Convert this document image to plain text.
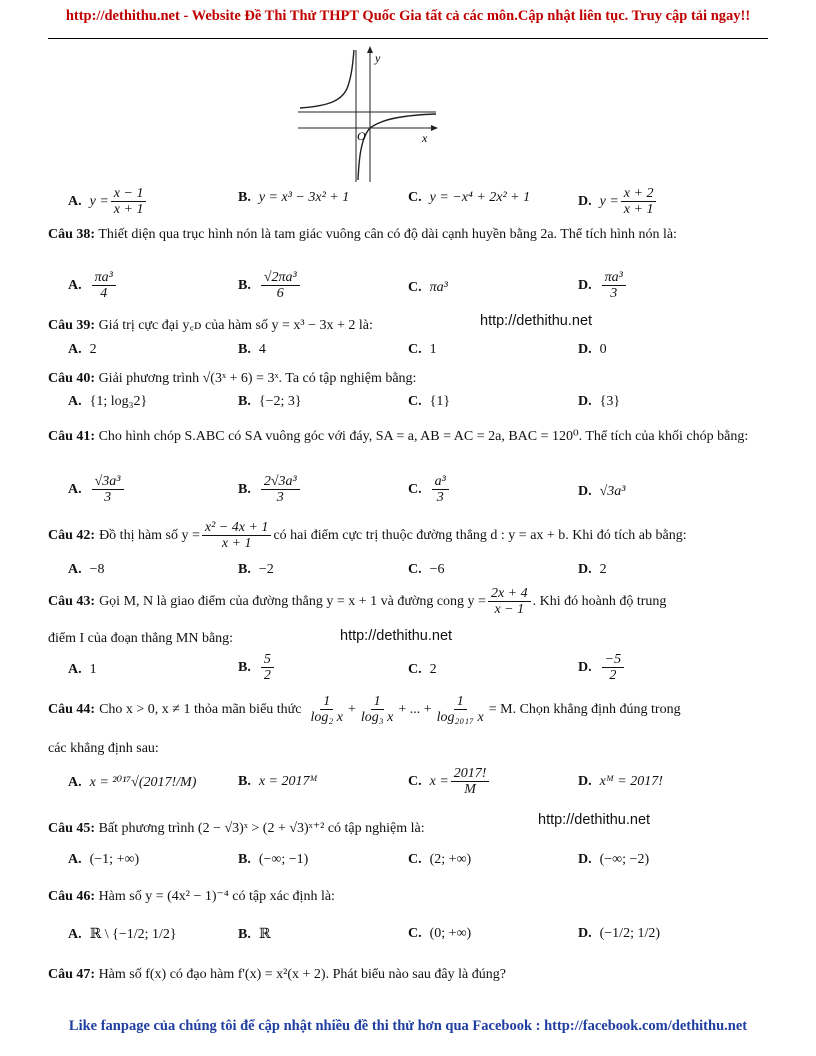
http://dethithu.net - Website Đề Thi Thử THPT Quốc Gia tất cả các môn.Cập nhật liên tục. Truy cập tải ngay!!
y
x
O
A. $y = \frac{x - 1}{x + 1}$	B. y = x³ − 3x² + 1	C. y = −x⁴ + 2x² + 1	D. $y = \frac{x + 2}{x + 1}$
Câu 38: Thiết diện qua trục hình nón là tam giác vuông cân có độ dài cạnh huyền bằng 2a. Thể tích hình nón là:
A. $\frac{\text{πa³}}{4}$	B. $\frac{\text{√2πa³}}{6}$	C. πa³	D. $\frac{\text{πa³}}{3}$
Câu 39: Giá trị cực đại y꜀ᴅ của hàm số y = x³ − 3x + 2 là:	http://dethithu.net
A. 2	B. 4	C. 1	D. 0
Câu 40: Giải phương trình √(3ˣ + 6) = 3ˣ. Ta có tập nghiệm bằng:
A. {1; log₃2}	B. {−2; 3}	C. {1}	D. {3}
Câu 41: Cho hình chóp S.ABC có SA vuông góc với đáy, SA = a, AB = AC = 2a, BAC = 120⁰. Thể tích của khối chóp bằng:
A. $\frac{\text{√3a³}}{3}$	B. $\frac{\text{2√3a³}}{3}$	C. $\frac{\text{a³}}{3}$	D. √3a³
Câu 42: Đồ thị hàm số $y = \frac{\text{x² − 4x + 1}}{x + 1}$ có hai điểm cực trị thuộc đường thẳng d : y = ax + b. Khi đó tích ab bằng:
A. −8	B. −2	C. −6	D. 2
Câu 43: Gọi M, N là giao điểm của đường thẳng y = x + 1 và đường cong $y = \frac{2x + 4}{x - 1}$ . Khi đó hoành độ trung
điểm I của đoạn thẳng MN bằng:	http://dethithu.net
A. 1	B. $\frac{5}{2}$	C. 2	D. $\frac{-5}{2}$
Câu 44: Cho x > 0, x ≠ 1 thỏa mãn biểu thức $\frac{1}{\text{log₂ x}} + \frac{1}{\text{log₃ x}}$ + ... + $\frac{1}{\text{log₂₀₁₇ x}} = M$. Chọn khẳng định đúng trong
các khẳng định sau:
A. x = ²⁰¹⁷√(2017!/M)	B. x = 2017ᴹ	C. $x = \frac{2017!}{M}$	D. xᴹ = 2017!
Câu 45: Bất phương trình (2 − √3)ˣ > (2 + √3)ˣ⁺² có tập nghiệm là:
http://dethithu.net
A. (−1; +∞)	B. (−∞; −1)	C. (2; +∞)	D. (−∞; −2)
Câu 46: Hàm số y = (4x² − 1)⁻⁴ có tập xác định là:
A. ℝ \ {−1/2; 1/2}	B. ℝ	C. (0; +∞)	D. (−1/2; 1/2)
Câu 47: Hàm số f(x) có đạo hàm f'(x) = x²(x + 2). Phát biểu nào sau đây là đúng?
Like fanpage của chúng tôi để cập nhật nhiều đề thi thử hơn qua Facebook : http://facebook.com/dethithu.net
